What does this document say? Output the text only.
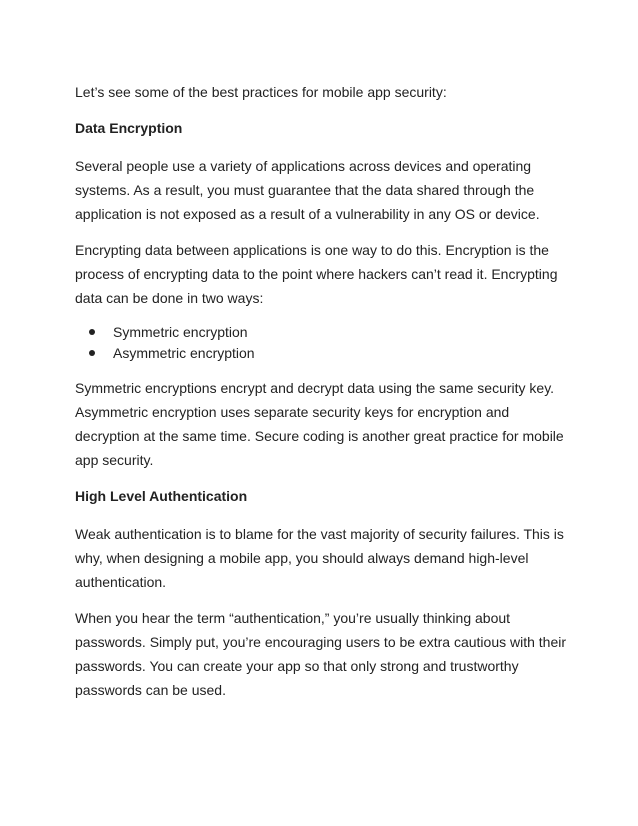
Let’s see some of the best practices for mobile app security:

Data Encryption

Several people use a variety of applications across devices and operating systems. As a result, you must guarantee that the data shared through the application is not exposed as a result of a vulnerability in any OS or device.

Encrypting data between applications is one way to do this. Encryption is the process of encrypting data to the point where hackers can’t read it. Encrypting data can be done in two ways:

Symmetric encryption
Asymmetric encryption

Symmetric encryptions encrypt and decrypt data using the same security key. Asymmetric encryption uses separate security keys for encryption and decryption at the same time. Secure coding is another great practice for mobile app security.

High Level Authentication

Weak authentication is to blame for the vast majority of security failures. This is why, when designing a mobile app, you should always demand high-level authentication.

When you hear the term “authentication,” you’re usually thinking about passwords. Simply put, you’re encouraging users to be extra cautious with their passwords. You can create your app so that only strong and trustworthy passwords can be used.
